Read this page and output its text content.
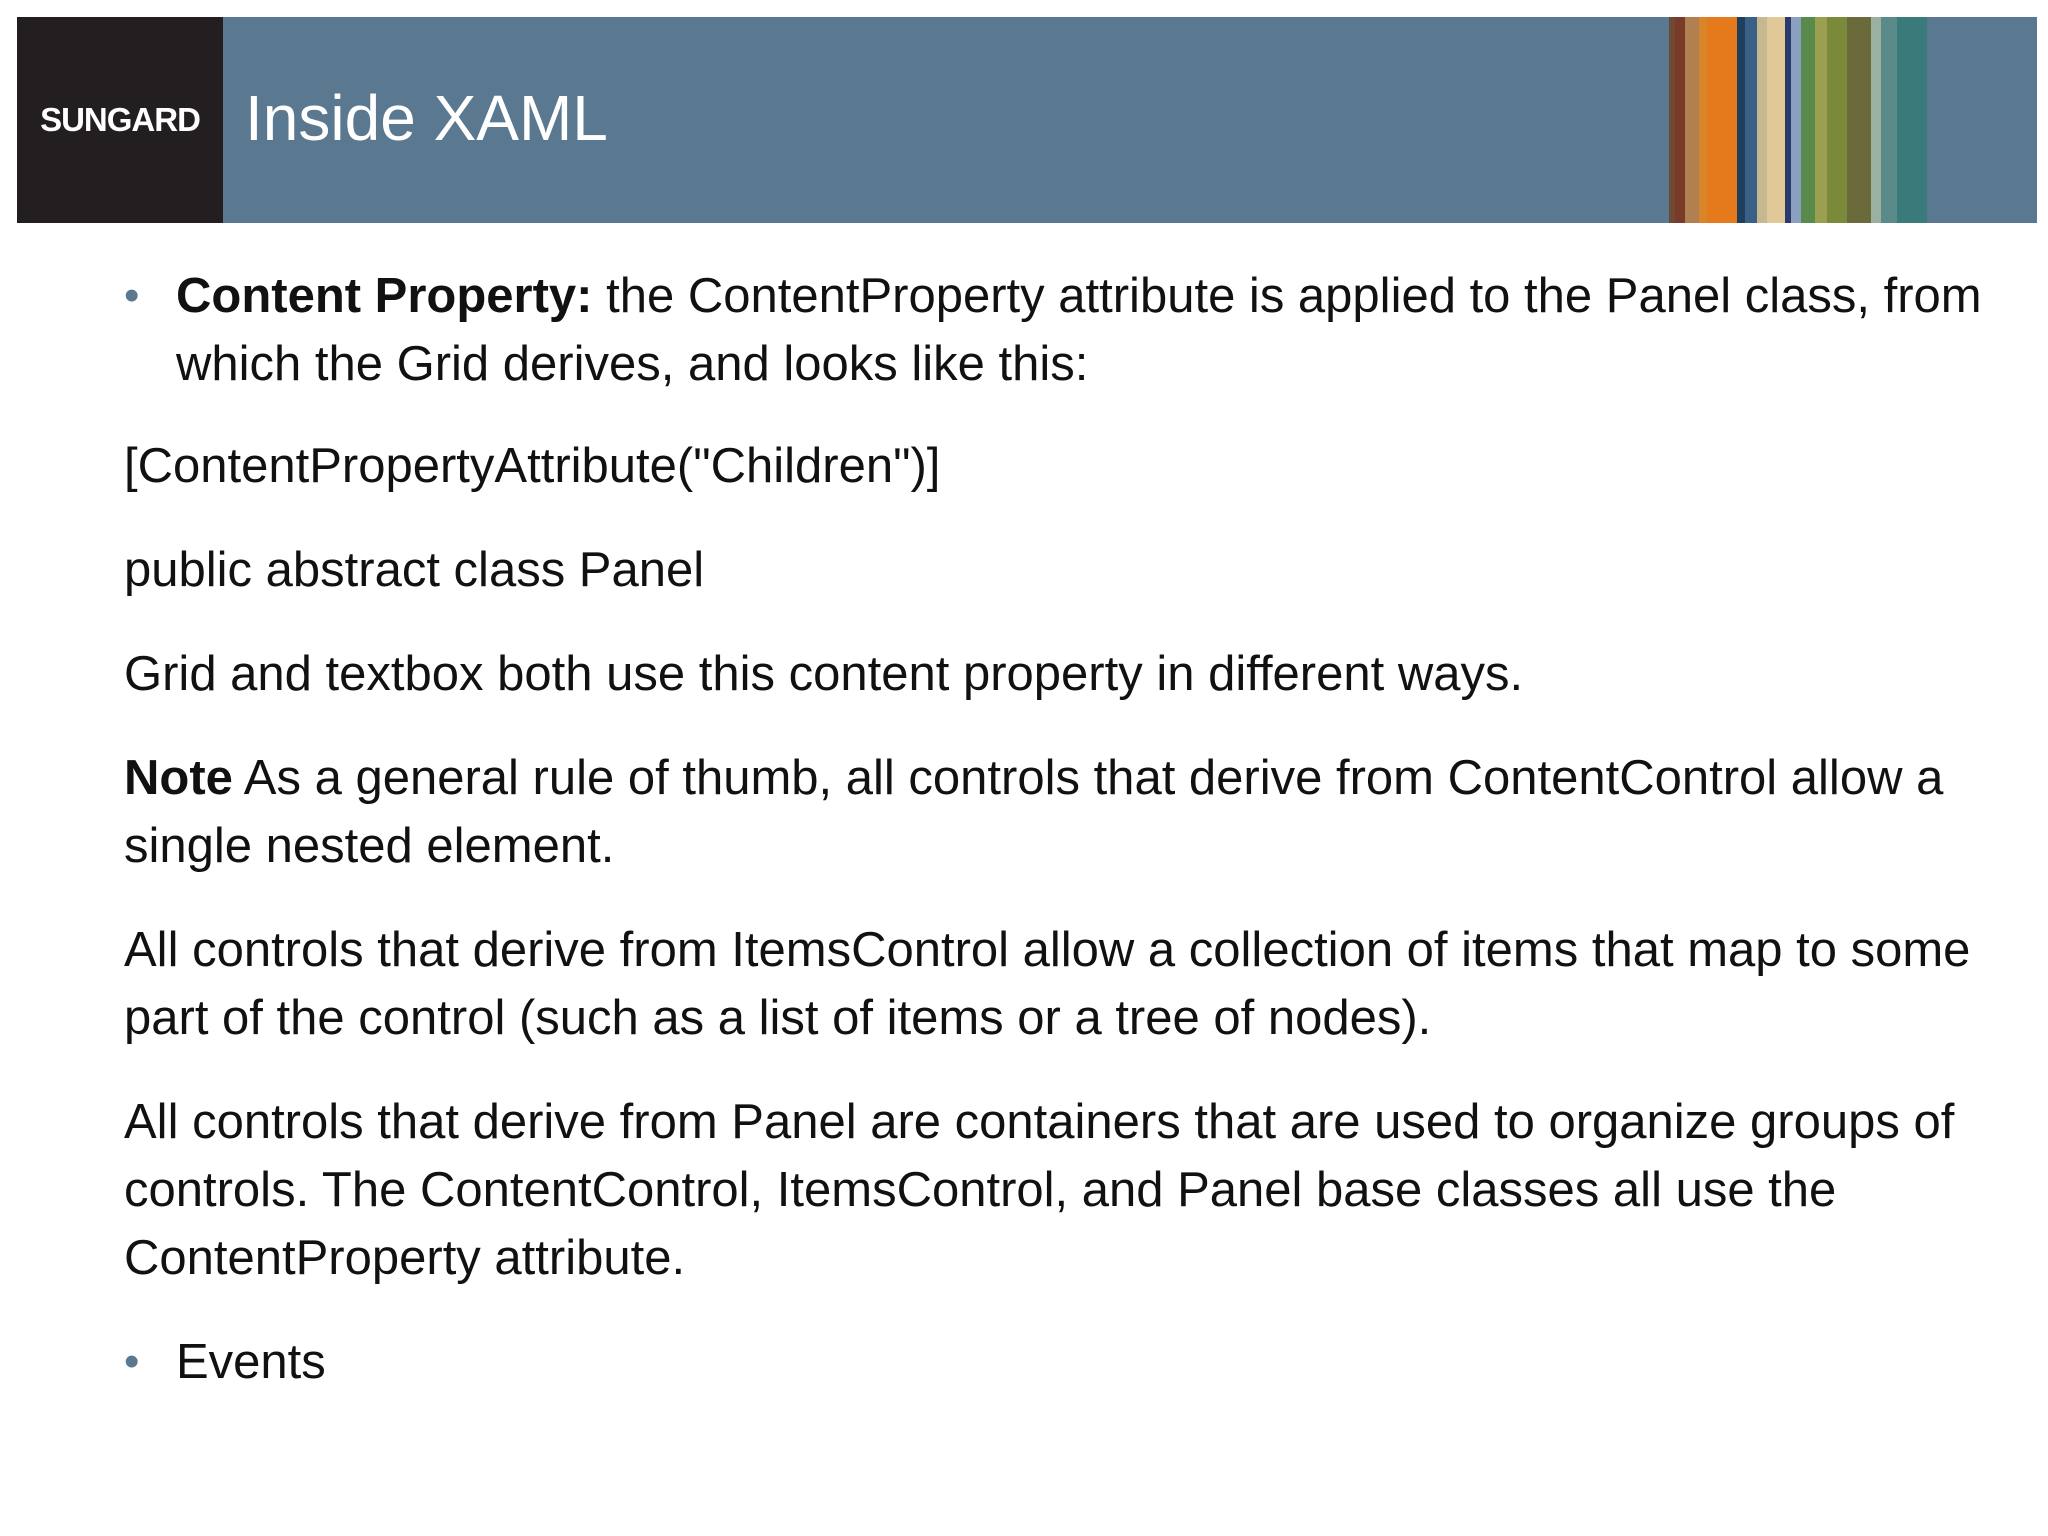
SUNGARD Inside XAML
• Content Property: the ContentProperty attribute is applied to the Panel class, from which the Grid derives, and looks like this:

[ContentPropertyAttribute("Children")]

public abstract class Panel

Grid and textbox both use this content property in different ways.

Note As a general rule of thumb, all controls that derive from ContentControl allow a single nested element.

All controls that derive from ItemsControl allow a collection of items that map to some part of the control (such as a list of items or a tree of nodes).

All controls that derive from Panel are containers that are used to organize groups of controls. The ContentControl, ItemsControl, and Panel base classes all use the ContentProperty attribute.

• Events
